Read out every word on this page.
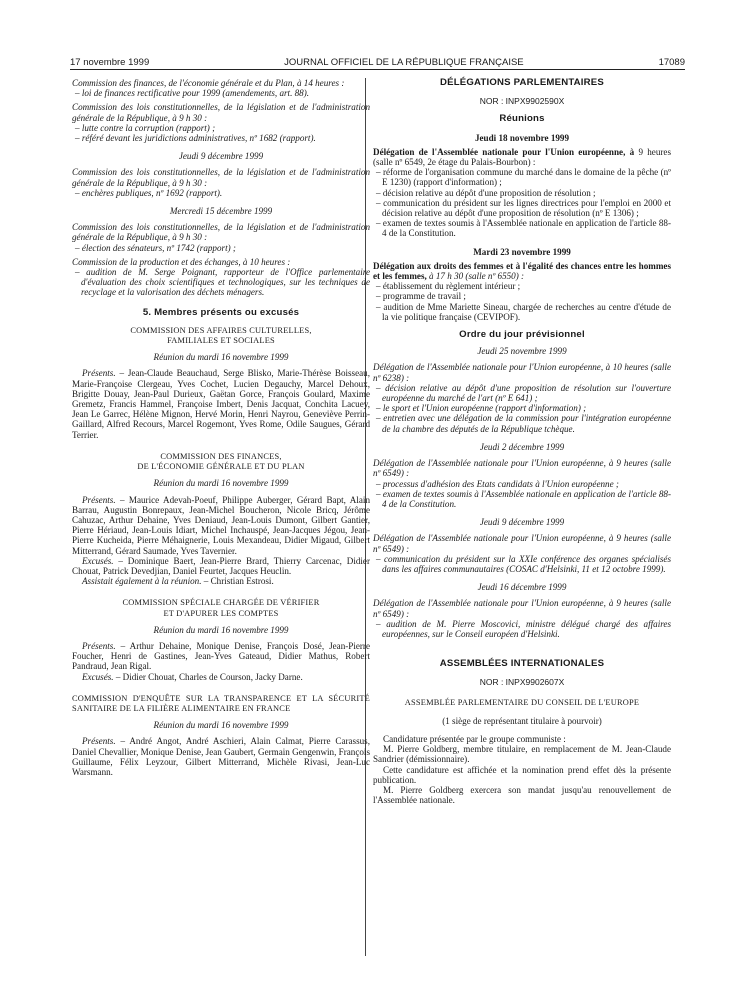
17 novembre 1999	JOURNAL OFFICIEL DE LA RÉPUBLIQUE FRANÇAISE	17089

Commission des finances, de l'économie générale et du Plan, à 14 heures :

– loi de finances rectificative pour 1999 (amendements, art. 88).

Commission des lois constitutionnelles, de la législation et de l'administration générale de la République, à 9 h 30 :

– lutte contre la corruption (rapport) ;

– référé devant les juridictions administratives, nº 1682 (rapport).

Jeudi 9 décembre 1999

Commission des lois constitutionnelles, de la législation et de l'administration générale de la République, à 9 h 30 :

– enchères publiques, nº 1692 (rapport).

Mercredi 15 décembre 1999

Commission des lois constitutionnelles, de la législation et de l'administration générale de la République, à 9 h 30 :

– élection des sénateurs, nº 1742 (rapport) ;

Commission de la production et des échanges, à 10 heures :

– audition de M. Serge Poignant, rapporteur de l'Office parlementaire d'évaluation des choix scientifiques et technologiques, sur les techniques de recyclage et la valorisation des déchets ménagers.

5. Membres présents ou excusés

COMMISSION DES AFFAIRES CULTURELLES,

FAMILIALES ET SOCIALES

Réunion du mardi 16 novembre 1999

Présents. – Jean-Claude Beauchaud, Serge Blisko, Marie-Thérèse Boisseau, Marie-Françoise Clergeau, Yves Cochet, Lucien Degauchy, Marcel Dehoux, Brigitte Douay, Jean-Paul Durieux, Gaëtan Gorce, François Goulard, Maxime Gremetz, Francis Hammel, Françoise Imbert, Denis Jacquat, Conchita Lacuey, Jean Le Garrec, Hélène Mignon, Hervé Morin, Henri Nayrou, Geneviève Perrin-Gaillard, Alfred Recours, Marcel Rogemont, Yves Rome, Odile Saugues, Gérard Terrier.

COMMISSION DES FINANCES,

DE L'ÉCONOMIE GÉNÉRALE ET DU PLAN

Réunion du mardi 16 novembre 1999

Présents. – Maurice Adevah-Poeuf, Philippe Auberger, Gérard Bapt, Alain Barrau, Augustin Bonrepaux, Jean-Michel Boucheron, Nicole Bricq, Jérôme Cahuzac, Arthur Dehaine, Yves Deniaud, Jean-Louis Dumont, Gilbert Gantier, Pierre Hériaud, Jean-Louis Idiart, Michel Inchauspé, Jean-Jacques Jégou, Jean-Pierre Kucheida, Pierre Méhaignerie, Louis Mexandeau, Didier Migaud, Gilbert Mitterrand, Gérard Saumade, Yves Tavernier.

Excusés. – Dominique Baert, Jean-Pierre Brard, Thierry Carcenac, Didier Chouat, Patrick Devedjian, Daniel Feurtet, Jacques Heuclin.

Assistait également à la réunion. – Christian Estrosi.

COMMISSION SPÉCIALE CHARGÉE DE VÉRIFIER

ET D'APURER LES COMPTES

Réunion du mardi 16 novembre 1999

Présents. – Arthur Dehaine, Monique Denise, François Dosé, Jean-Pierre Foucher, Henri de Gastines, Jean-Yves Gateaud, Didier Mathus, Robert Pandraud, Jean Rigal.

Excusés. – Didier Chouat, Charles de Courson, Jacky Darne.

COMMISSION D'ENQUÊTE SUR LA TRANSPARENCE ET LA SÉCURITÉ SANITAIRE DE LA FILIÈRE ALIMENTAIRE EN FRANCE

Réunion du mardi 16 novembre 1999

Présents. – André Angot, André Aschieri, Alain Calmat, Pierre Carassus, Daniel Chevallier, Monique Denise, Jean Gaubert, Germain Gengenwin, François Guillaume, Félix Leyzour, Gilbert Mitterrand, Michèle Rivasi, Jean-Luc Warsmann.

DÉLÉGATIONS PARLEMENTAIRES

NOR : INPX9902590X

Réunions

Jeudi 18 novembre 1999

Délégation de l'Assemblée nationale pour l'Union européenne, à 9 heures (salle nº 6549, 2e étage du Palais-Bourbon) :

– réforme de l'organisation commune du marché dans le domaine de la pêche (nº E 1230) (rapport d'information) ;

– décision relative au dépôt d'une proposition de résolution ;

– communication du président sur les lignes directrices pour l'emploi en 2000 et décision relative au dépôt d'une proposition de résolution (nº E 1306) ;

– examen de textes soumis à l'Assemblée nationale en application de l'article 88-4 de la Constitution.

Mardi 23 novembre 1999

Délégation aux droits des femmes et à l'égalité des chances entre les hommes et les femmes, à 17 h 30 (salle nº 6550) :

– établissement du règlement intérieur ;

– programme de travail ;

– audition de Mme Mariette Sineau, chargée de recherches au centre d'étude de la vie politique française (CEVIPOF).

Ordre du jour prévisionnel

Jeudi 25 novembre 1999

Délégation de l'Assemblée nationale pour l'Union européenne, à 10 heures (salle nº 6238) :

– décision relative au dépôt d'une proposition de résolution sur l'ouverture européenne du marché de l'art (nº E 641) ;

– le sport et l'Union européenne (rapport d'information) ;

– entretien avec une délégation de la commission pour l'intégration européenne de la chambre des députés de la République tchèque.

Jeudi 2 décembre 1999

Délégation de l'Assemblée nationale pour l'Union européenne, à 9 heures (salle nº 6549) :

– processus d'adhésion des Etats candidats à l'Union européenne ;

– examen de textes soumis à l'Assemblée nationale en application de l'article 88-4 de la Constitution.

Jeudi 9 décembre 1999

Délégation de l'Assemblée nationale pour l'Union européenne, à 9 heures (salle nº 6549) :

– communication du président sur la XXIe conférence des organes spécialisés dans les affaires communautaires (COSAC d'Helsinki, 11 et 12 octobre 1999).

Jeudi 16 décembre 1999

Délégation de l'Assemblée nationale pour l'Union européenne, à 9 heures (salle nº 6549) :

– audition de M. Pierre Moscovici, ministre délégué chargé des affaires européennes, sur le Conseil européen d'Helsinki.

ASSEMBLÉES INTERNATIONALES

NOR : INPX9902607X

ASSEMBLÉE PARLEMENTAIRE DU CONSEIL DE L'EUROPE

(1 siège de représentant titulaire à pourvoir)

Candidature présentée par le groupe communiste :

M. Pierre Goldberg, membre titulaire, en remplacement de M. Jean-Claude Sandrier (démissionnaire).

Cette candidature est affichée et la nomination prend effet dès la présente publication.

M. Pierre Goldberg exercera son mandat jusqu'au renouvellement de l'Assemblée nationale.
